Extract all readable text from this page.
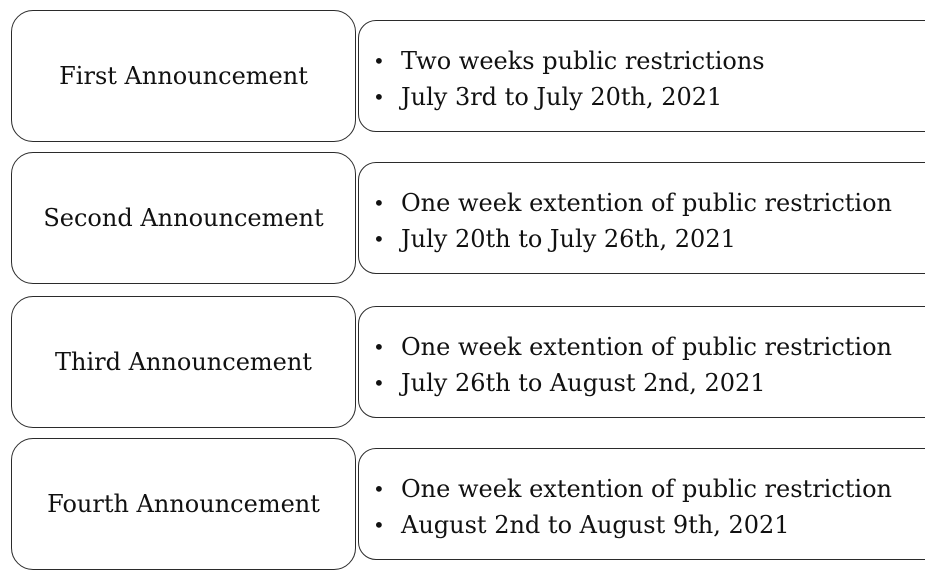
First Announcement
• Two weeks public restrictions
• July 3rd to July 20th, 2021
Second Announcement
• One week extention of public restriction
• July 20th to July 26th, 2021
Third Announcement
• One week extention of public restriction
• July 26th to August 2nd, 2021
Fourth Announcement
• One week extention of public restriction
• August 2nd to August 9th, 2021
